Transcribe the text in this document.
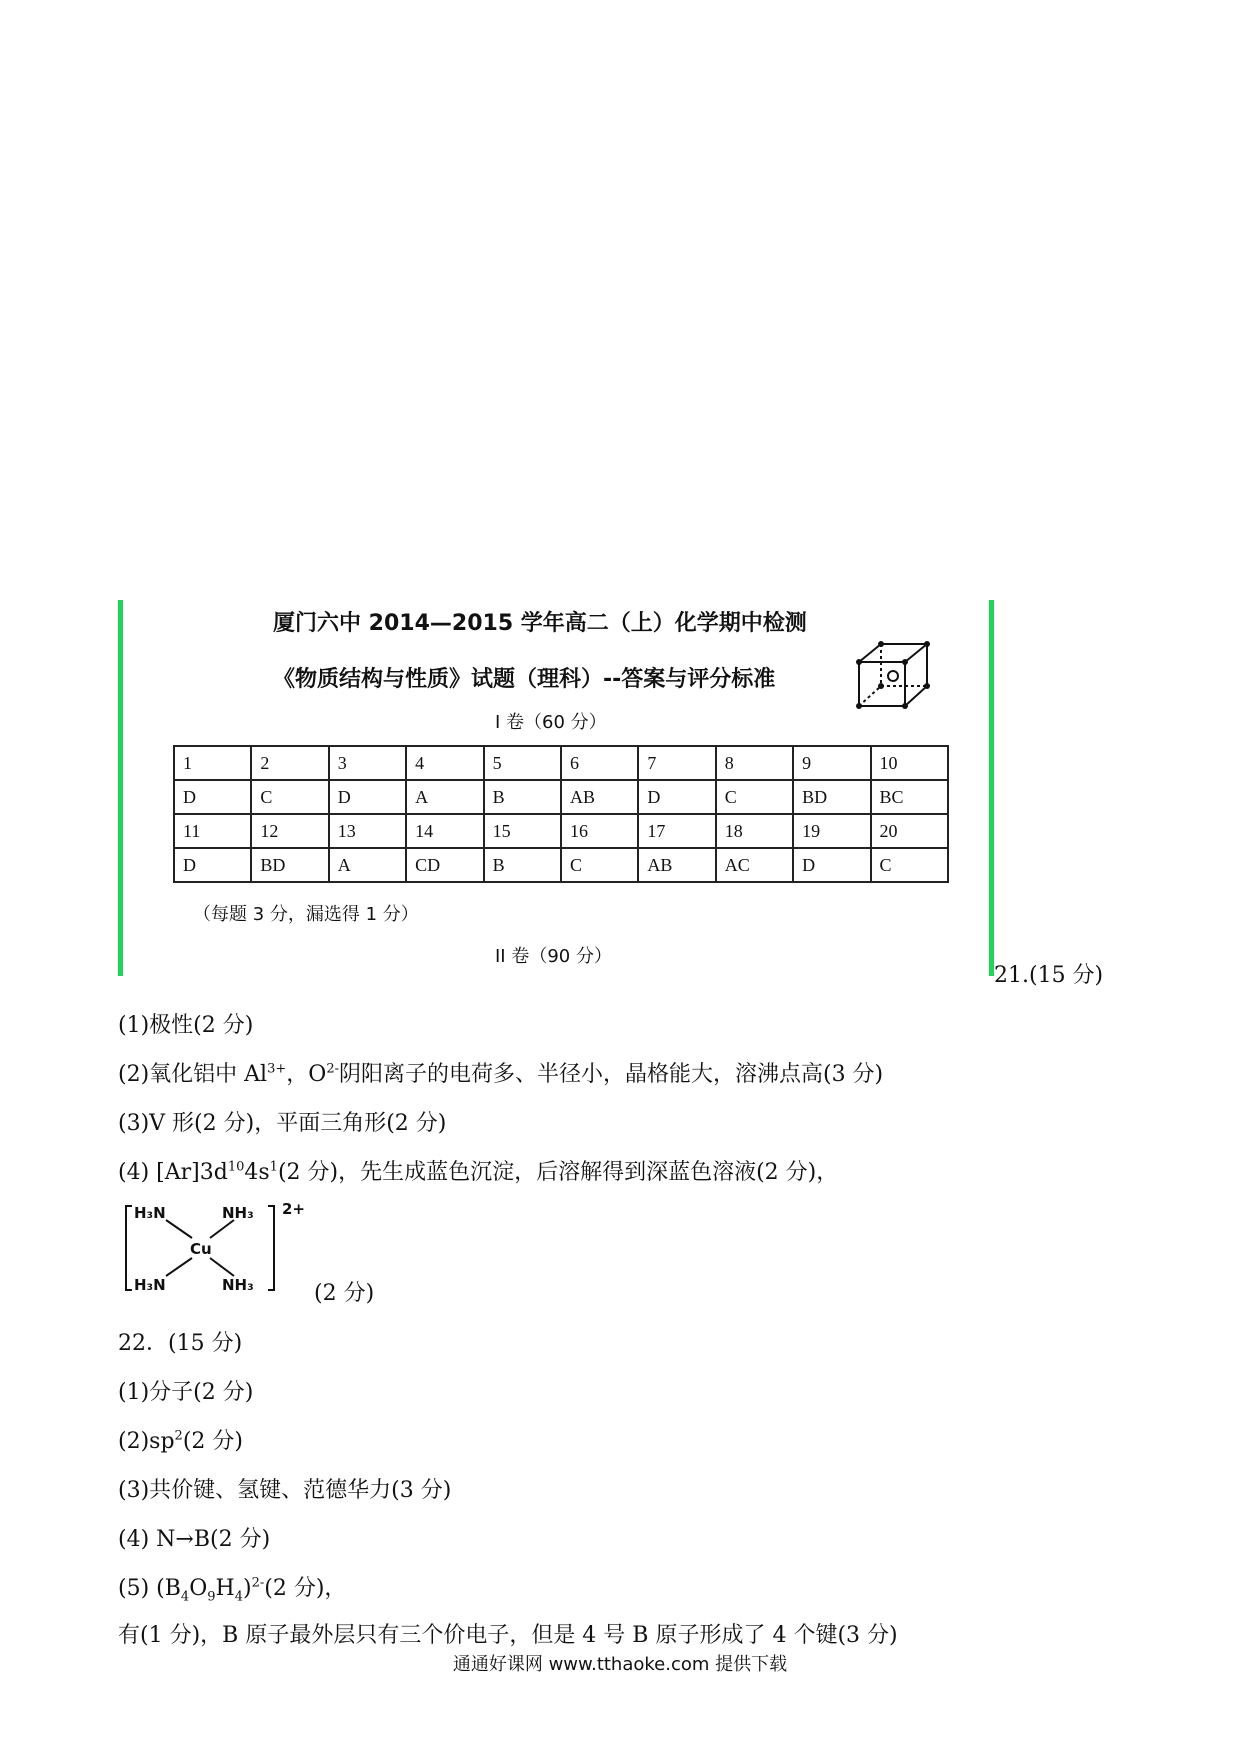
厦门六中 2014—2015 学年高二（上）化学期中检测
《物质结构与性质》试题（理科）--答案与评分标准
I 卷（60 分）
1	2	3	4	5	6	7	8	9	10
D	C	D	A	B	AB	D	C	BD	BC
11	12	13	14	15	16	17	18	19	20
D	BD	A	CD	B	C	AB	AC	D	C
（每题 3 分，漏选得 1 分）
II 卷（90 分）
21.(15 分)
(1)极性(2 分)
(2)氧化铝中 $Al^{3+}$，$O^{2-}$阴阳离子的电荷多、半径小，晶格能大，溶沸点高(3 分)
(3)V 形(2 分)，平面三角形(2 分)
(4) $[Ar]3d^{10}4s^1(2$ 分)，先生成蓝色沉淀，后溶解得到深蓝色溶液(2 分)，
H₃N	NH₃
H₃N	NH₃
Cu
2+
(2 分)
22．(15 分)
(1)分子(2 分)
$(2)sp^2(2$ 分)
(3)共价键、氢键、范德华力(3 分)
(4) N→B(2 分)
(5) $(B_4O_9H_4)^{2-}(2$ 分)，
有(1 分)，B 原子最外层只有三个价电子，但是 4 号 B 原子形成了 4 个键(3 分)
通通好课网 www.tthaoke.com 提供下载
